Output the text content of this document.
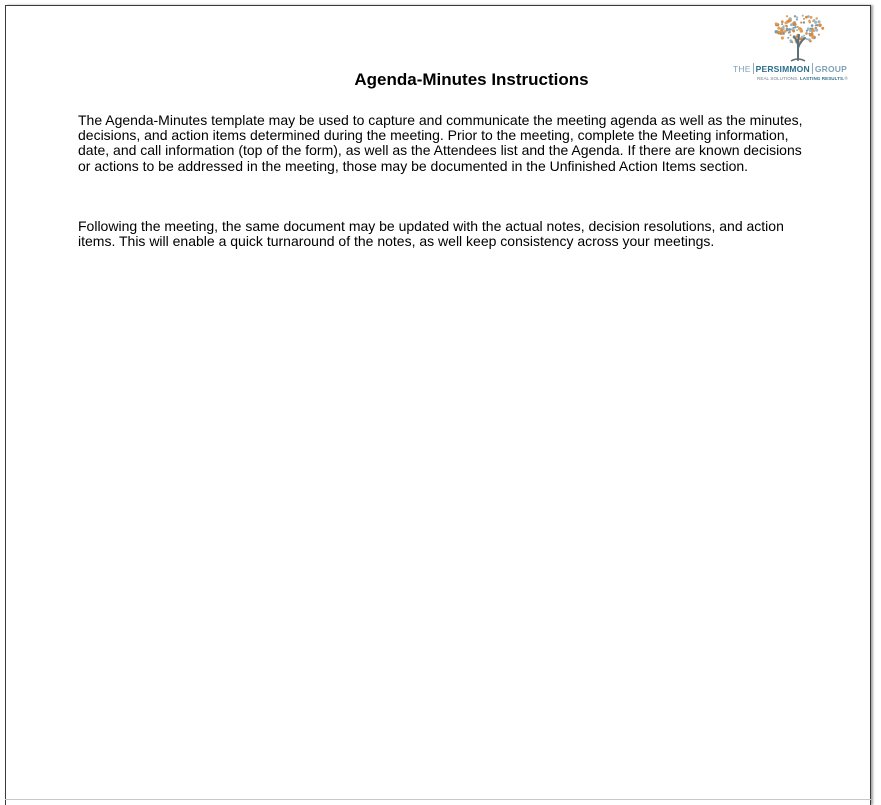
THE PERSIMMON GROUP
REAL SOLUTIONS. LASTING RESULTS.®
Agenda-Minutes Instructions

The Agenda-Minutes template may be used to capture and communicate the meeting agenda as well as the minutes, decisions, and action items determined during the meeting. Prior to the meeting, complete the Meeting information, date, and call information (top of the form), as well as the Attendees list and the Agenda. If there are known decisions or actions to be addressed in the meeting, those may be documented in the Unfinished Action Items section.

Following the meeting, the same document may be updated with the actual notes, decision resolutions, and action items. This will enable a quick turnaround of the notes, as well keep consistency across your meetings.
